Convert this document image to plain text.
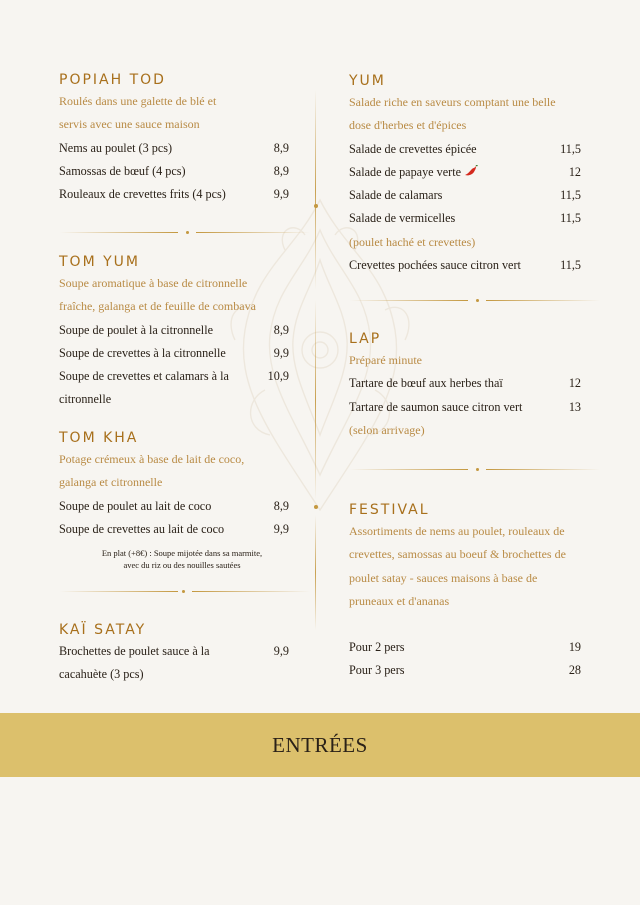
POPIAH TOD

Roulés dans une galette de blé et

servis avec une sauce maison

Nems au poulet (3 pcs)	8,9
Samossas de bœuf (4 pcs)	8,9
Rouleaux de crevettes frits (4 pcs)	9,9
TOM YUM

Soupe aromatique à base de citronnelle

fraîche, galanga et de feuille de combava

Soupe de poulet à la citronnelle	8,9
Soupe de crevettes à la citronnelle	9,9
Soupe de crevettes et calamars à la	10,9
citronnelle
TOM KHA

Potage crémeux à base de lait de coco,

galanga et citronnelle

Soupe de poulet au lait de coco	8,9
Soupe de crevettes au lait de coco	9,9
En plat (+8€) : Soupe mijotée dans sa marmite,
avec du riz ou des nouilles sautées
KAÏ SATAY
Brochettes de poulet sauce à la	9,9
cacahuète (3 pcs)
YUM

Salade riche en saveurs comptant une belle

dose d'herbes et d'épices

Salade de crevettes épicée	11,5
Salade de papaye verte	12
Salade de calamars	11,5
Salade de vermicelles	11,5

(poulet haché et crevettes)

Crevettes pochées sauce citron vert	11,5
LAP

Préparé minute

Tartare de bœuf aux herbes thaï	12
Tartare de saumon sauce citron vert	13

(selon arrivage)

FESTIVAL

Assortiments de nems au poulet, rouleaux de

crevettes, samossas au boeuf & brochettes de

poulet satay - sauces maisons à base de

pruneaux et d'ananas

Pour 2 pers	19
Pour 3 pers	28
ENTRÉES
